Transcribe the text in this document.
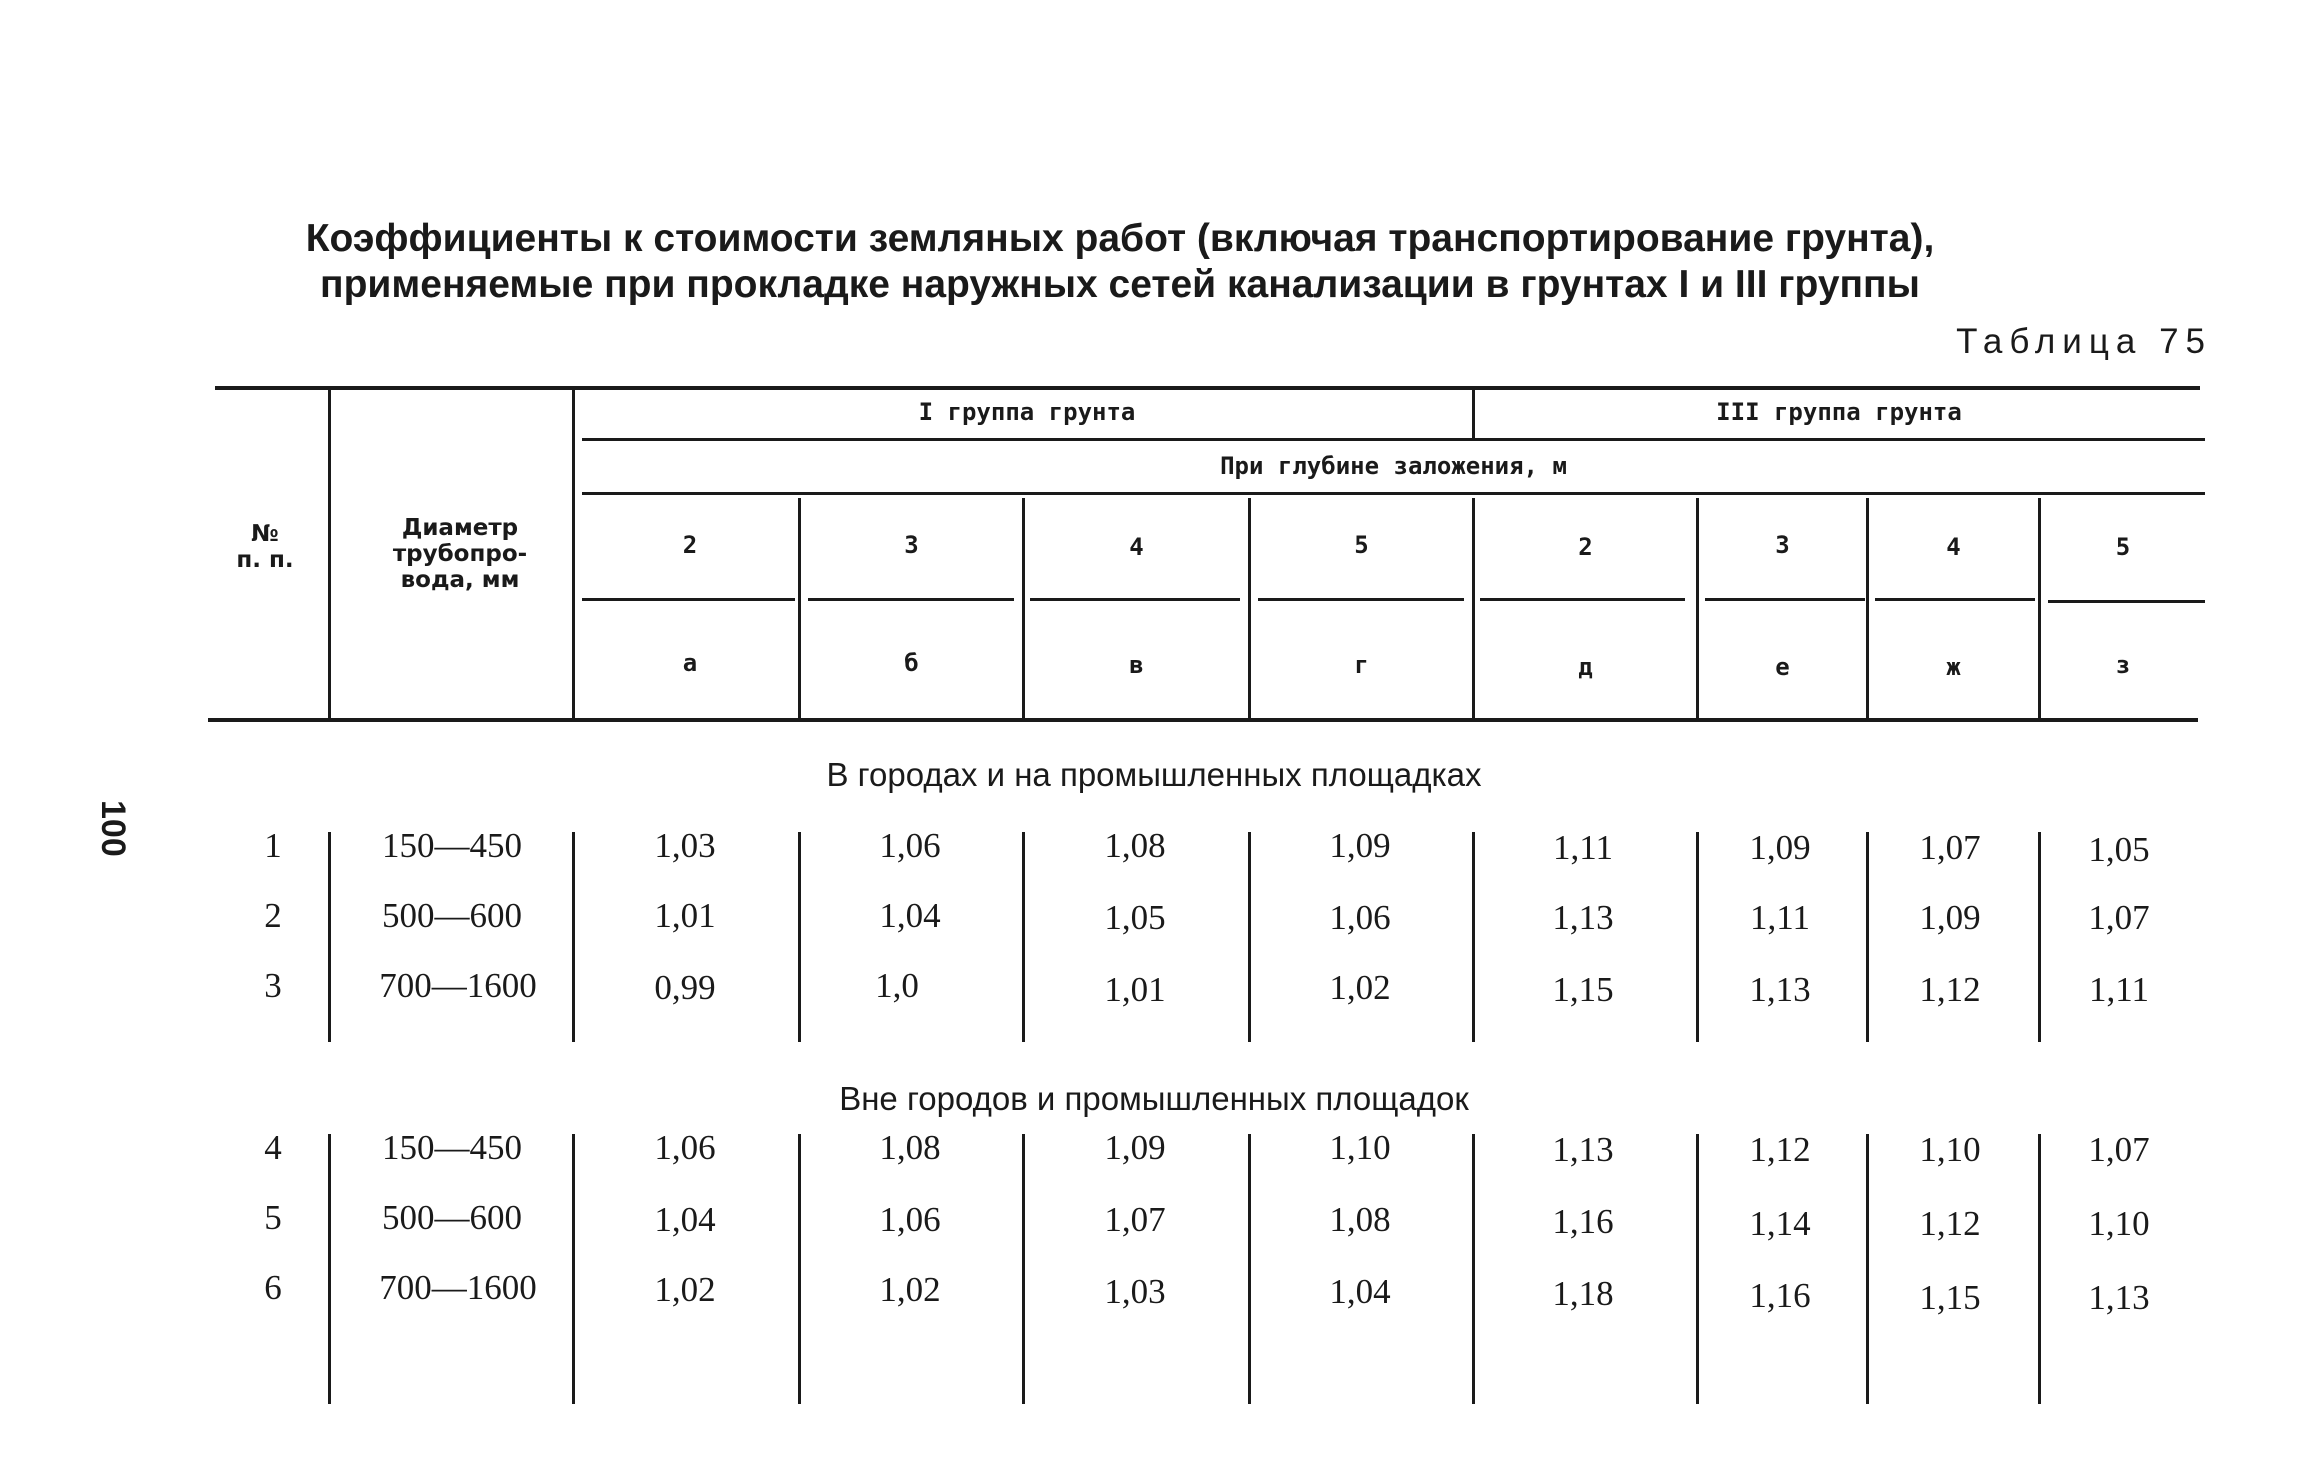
Коэффициенты к стоимости земляных работ (включая транспортирование грунта),
применяемые при прокладке наружных сетей канализации в грунтах I и III группы
Таблица 75
100
№
п. п.
Диаметр
трубопро-
вода, мм
I группа грунта	III группа грунта
При глубине заложения, м
2	3	4	5	2	3	4	5
а	б	в	г	д	е	ж	з
В городах и на промышленных площадках
Вне городов и промышленных площадок
1	150—450	1,03	1,06	1,08	1,09	1,11	1,09	1,07	1,05
2	500—600	1,01	1,04	1,05	1,06	1,13	1,11	1,09	1,07
3	700—1600	0,99	1,0	1,01	1,02	1,15	1,13	1,12	1,11
4	150—450	1,06	1,08	1,09	1,10	1,13	1,12	1,10	1,07
5	500—600	1,04	1,06	1,07	1,08	1,16	1,14	1,12	1,10
6	700—1600	1,02	1,02	1,03	1,04	1,18	1,16	1,15	1,13
